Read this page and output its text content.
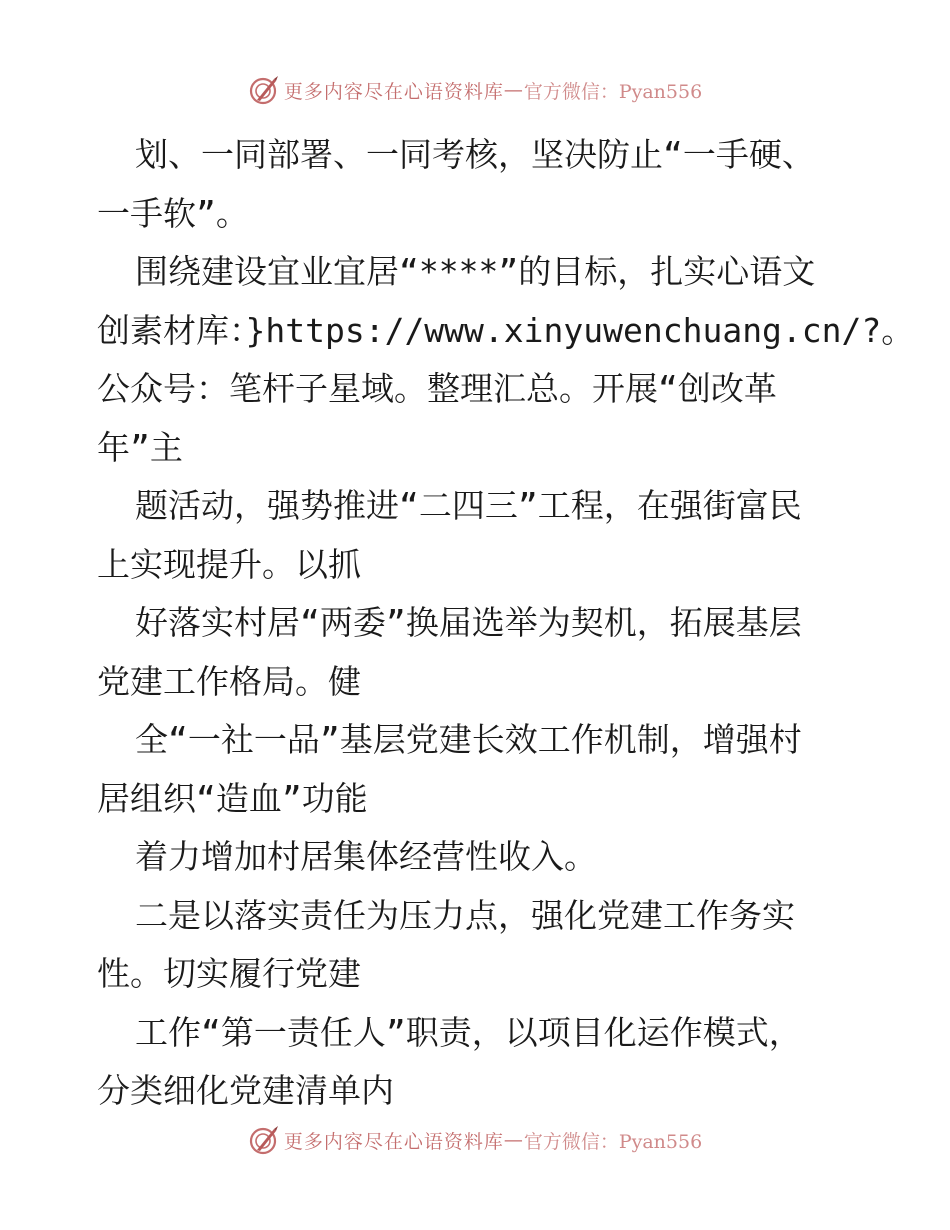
更多内容尽在心语资料库 — 官方微信：Pyan556
划、一同部署、一同考核，坚决防止“一手硬、
一手软”。
围绕建设宜业宜居“****”的目标，扎实心语文
创素材库：}https://www.xinyuwenchuang.cn/?。
公众号：笔杆子星域。整理汇总。开展“创改革
年”主
题活动，强势推进“二四三”工程，在强街富民
上实现提升。以抓
好落实村居“两委”换届选举为契机，拓展基层
党建工作格局。健
全“一社一品”基层党建长效工作机制，增强村
居组织“造血”功能
着力增加村居集体经营性收入。
二是以落实责任为压力点，强化党建工作务实
性。切实履行党建
工作“第一责任人”职责，以项目化运作模式，
分类细化党建清单内
更多内容尽在心语资料库 — 官方微信：Pyan556
